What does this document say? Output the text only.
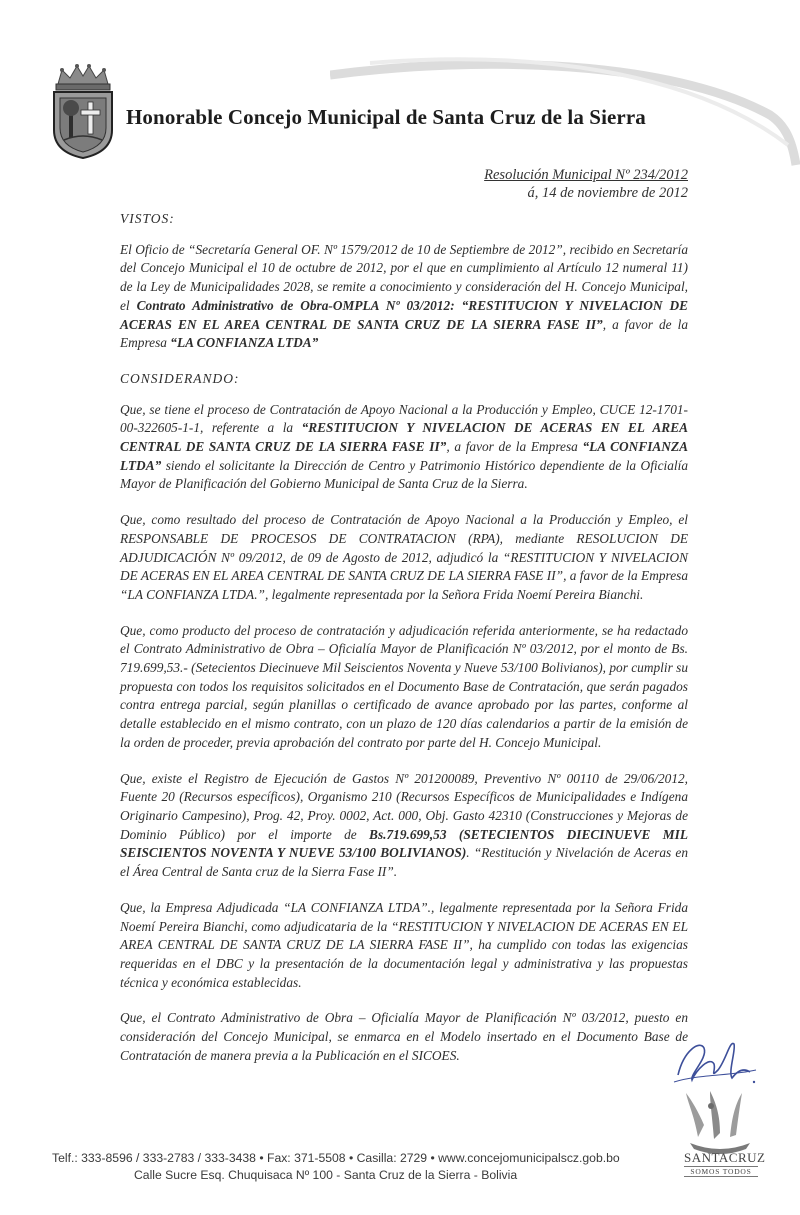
Honorable Concejo Municipal de Santa Cruz de la Sierra
Resolución Municipal Nº 234/2012
á, 14 de noviembre de 2012
VISTOS:

El Oficio de “Secretaría General OF. Nº 1579/2012 de 10 de Septiembre de 2012”, recibido en Secretaría del Concejo Municipal el 10 de octubre de 2012, por el que en cumplimiento al Artículo 12 numeral 11) de la Ley de Municipalidades 2028, se remite a conocimiento y consideración del H. Concejo Municipal, el Contrato Administrativo de Obra-OMPLA Nº 03/2012: “RESTITUCION Y NIVELACION DE ACERAS EN EL AREA CENTRAL DE SANTA CRUZ DE LA SIERRA FASE II”, a favor de la Empresa “LA CONFIANZA LTDA”

CONSIDERANDO:

Que, se tiene el proceso de Contratación de Apoyo Nacional a la Producción y Empleo, CUCE 12-1701-00-322605-1-1, referente a la “RESTITUCION Y NIVELACION DE ACERAS EN EL AREA CENTRAL DE SANTA CRUZ DE LA SIERRA FASE II”, a favor de la Empresa “LA CONFIANZA LTDA” siendo el solicitante la Dirección de Centro y Patrimonio Histórico dependiente de la Oficialía Mayor de Planificación del Gobierno Municipal de Santa Cruz de la Sierra.

Que, como resultado del proceso de Contratación de Apoyo Nacional a la Producción y Empleo, el RESPONSABLE DE PROCESOS DE CONTRATACION (RPA), mediante RESOLUCION DE ADJUDICACIÓN Nº 09/2012, de 09 de Agosto de 2012, adjudicó la “RESTITUCION Y NIVELACION DE ACERAS EN EL AREA CENTRAL DE SANTA CRUZ DE LA SIERRA FASE II”, a favor de la Empresa “LA CONFIANZA LTDA.”, legalmente representada por la Señora Frida Noemí Pereira Bianchi.

Que, como producto del proceso de contratación y adjudicación referida anteriormente, se ha redactado el Contrato Administrativo de Obra – Oficialía Mayor de Planificación Nº 03/2012, por el monto de Bs. 719.699,53.- (Setecientos Diecinueve Mil Seiscientos Noventa y Nueve 53/100 Bolivianos), por cumplir su propuesta con todos los requisitos solicitados en el Documento Base de Contratación, que serán pagados contra entrega parcial, según planillas o certificado de avance aprobado por las partes, conforme al detalle establecido en el mismo contrato, con un plazo de 120 días calendarios a partir de la emisión de la orden de proceder, previa aprobación del contrato por parte del H. Concejo Municipal.

Que, existe el Registro de Ejecución de Gastos Nº 201200089, Preventivo Nº 00110 de 29/06/2012, Fuente 20 (Recursos específicos), Organismo 210 (Recursos Específicos de Municipalidades e Indígena Originario Campesino), Prog. 42, Proy. 0002, Act. 000, Obj. Gasto 42310 (Construcciones y Mejoras de Dominio Público) por el importe de Bs.719.699,53 (SETECIENTOS DIECINUEVE MIL SEISCIENTOS NOVENTA Y NUEVE 53/100 BOLIVIANOS). “Restitución y Nivelación de Aceras en el Área Central de Santa cruz de la Sierra Fase II”.

Que, la Empresa Adjudicada “LA CONFIANZA LTDA”., legalmente representada por la Señora Frida Noemí Pereira Bianchi, como adjudicataria de la “RESTITUCION Y NIVELACION DE ACERAS EN EL AREA CENTRAL DE SANTA CRUZ DE LA SIERRA FASE II”, ha cumplido con todas las exigencias requeridas en el DBC y la presentación de la documentación legal y administrativa y las propuestas técnica y económica establecidas.

Que, el Contrato Administrativo de Obra – Oficialía Mayor de Planificación Nº 03/2012, puesto en consideración del Concejo Municipal, se enmarca en el Modelo insertado en el Documento Base de Contratación de manera previa a la Publicación en el SICOES.

SANTACRUZ
SOMOS TODOS
Telf.: 333-8596 / 333-2783 / 333-3438 • Fax: 371-5508 • Casilla: 2729 • www.concejomunicipalscz.gob.bo
Calle Sucre Esq. Chuquisaca Nº 100 - Santa Cruz de la Sierra - Bolivia
